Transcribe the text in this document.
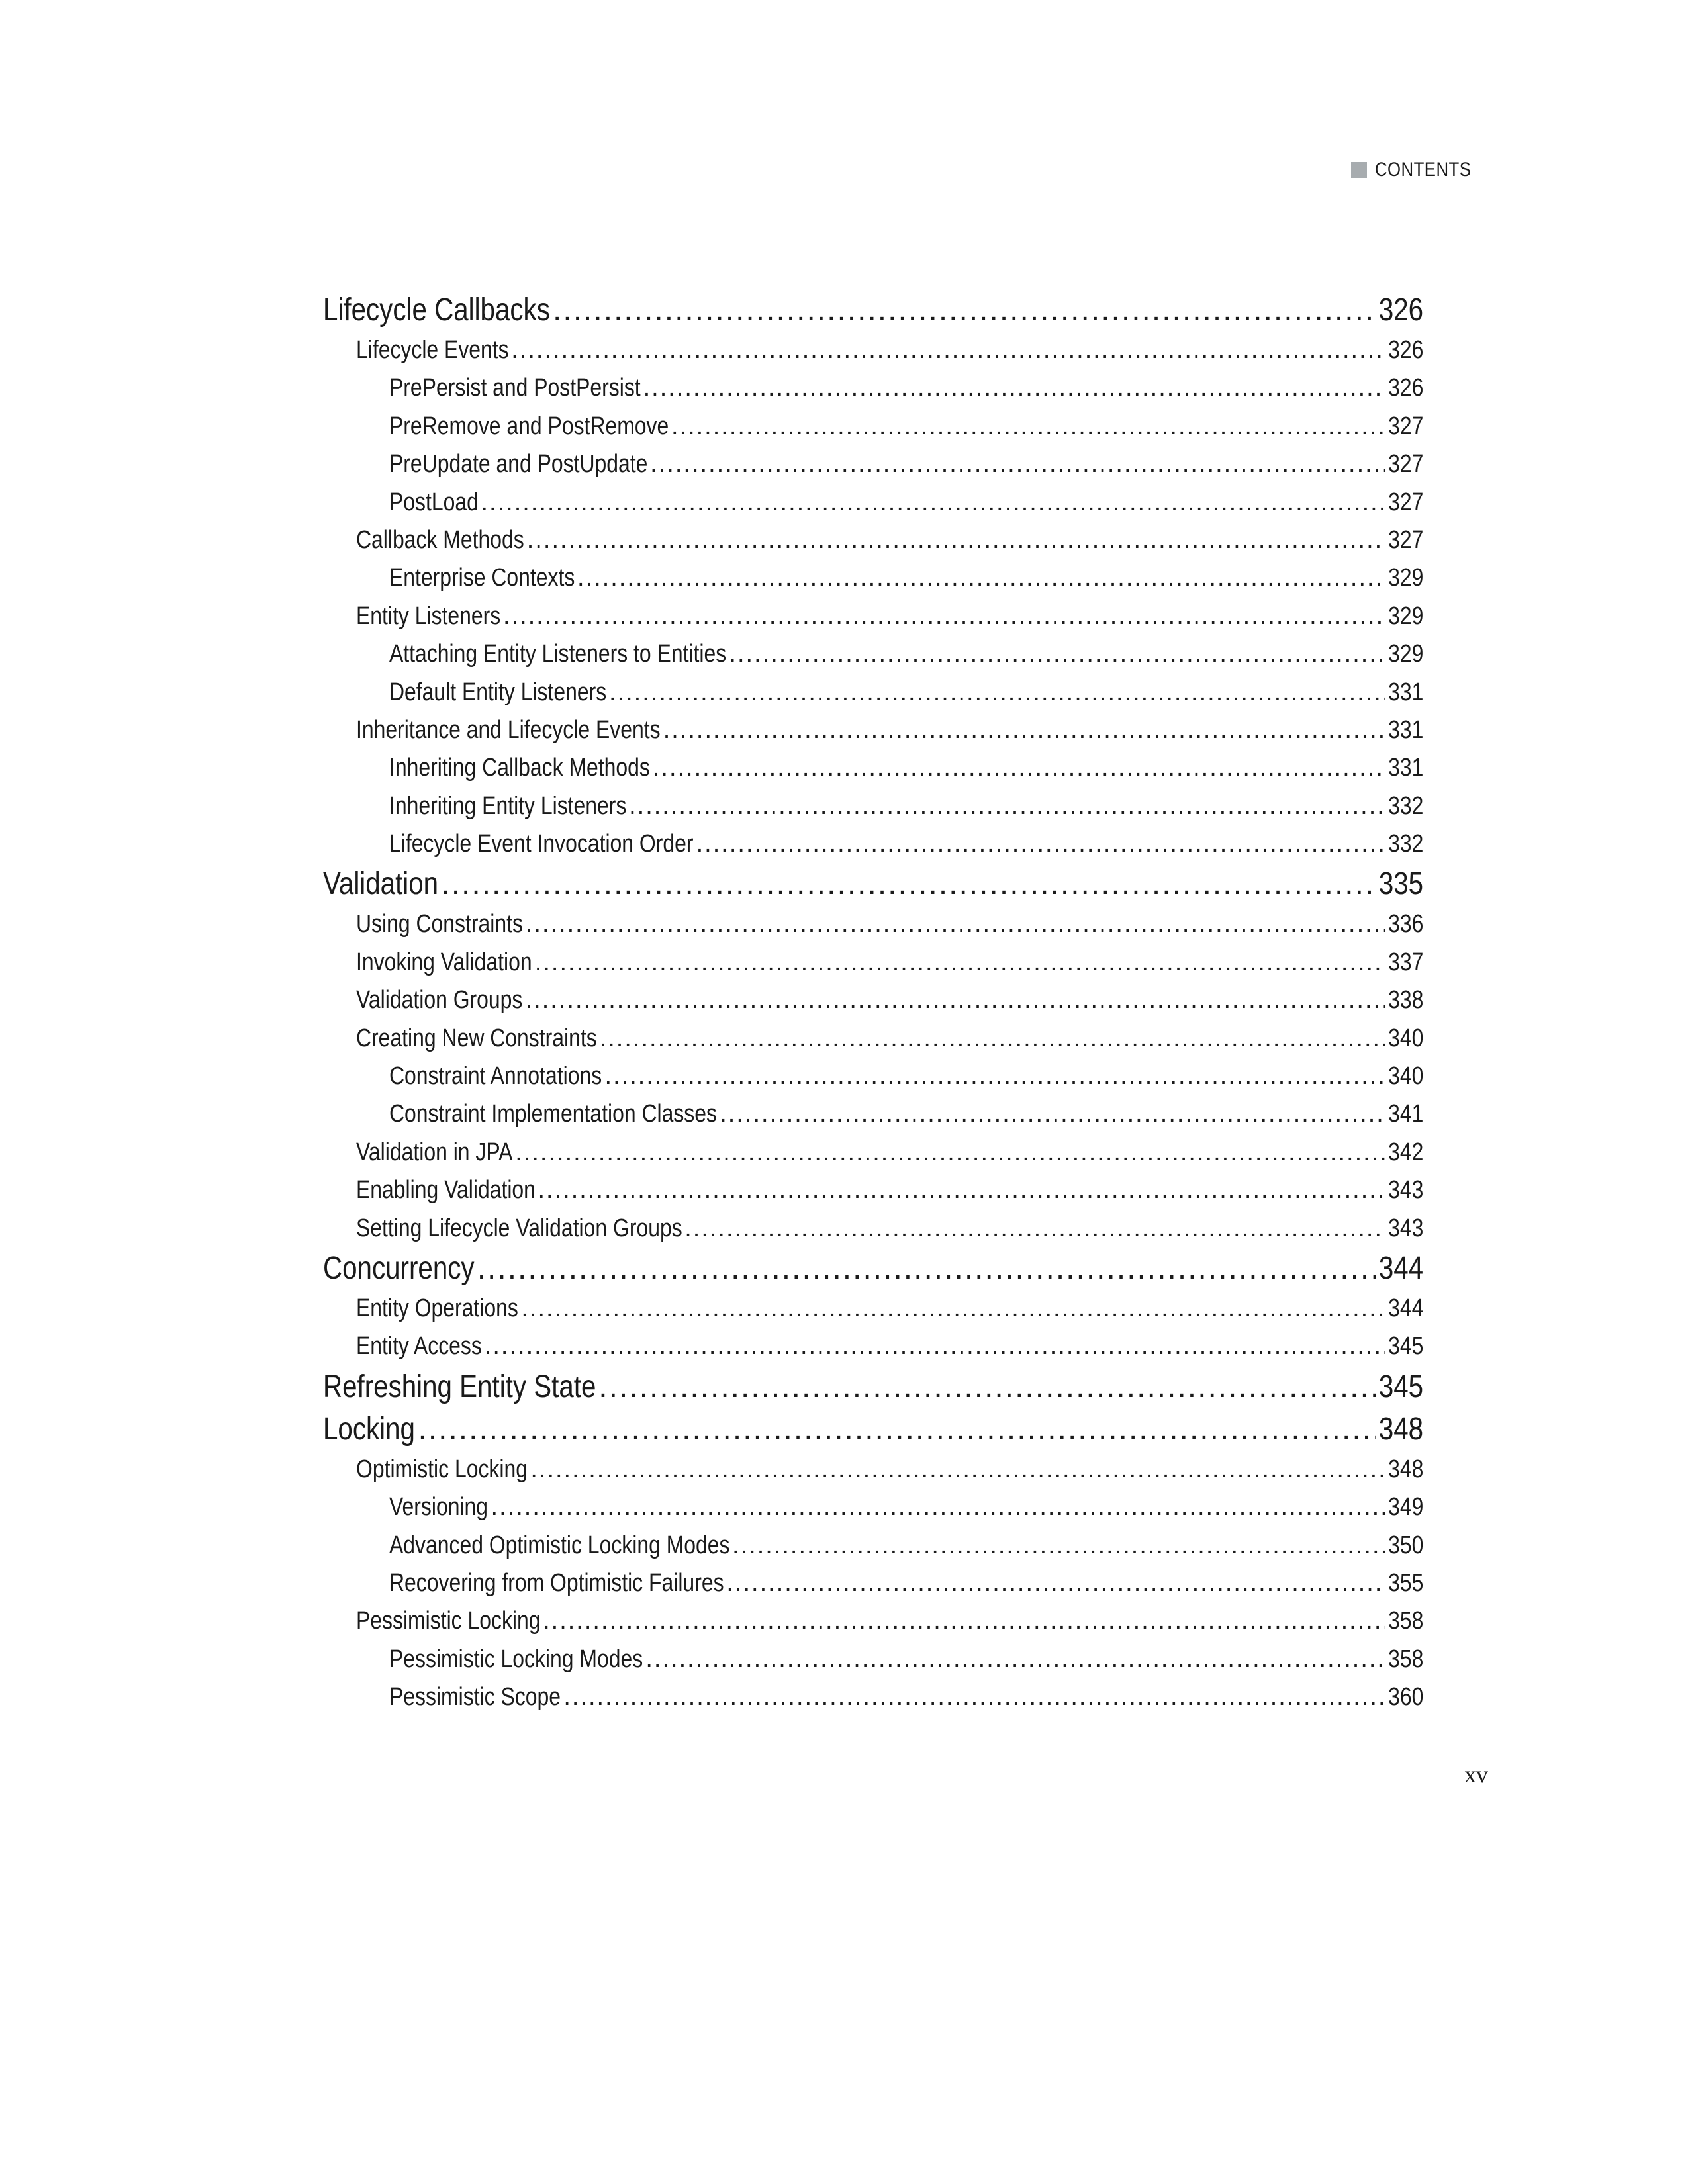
CONTENTS
Lifecycle Callbacks .....	326
Lifecycle Events .....	326
PrePersist and PostPersist .....	326
PreRemove and PostRemove .....	327
PreUpdate and PostUpdate .....	327
PostLoad .....	327
Callback Methods .....	327
Enterprise Contexts .....	329
Entity Listeners .....	329
Attaching Entity Listeners to Entities .....	329
Default Entity Listeners .....	331
Inheritance and Lifecycle Events .....	331
Inheriting Callback Methods .....	331
Inheriting Entity Listeners .....	332
Lifecycle Event Invocation Order .....	332
Validation .....	335
Using Constraints .....	336
Invoking Validation .....	337
Validation Groups .....	338
Creating New Constraints .....	340
Constraint Annotations .....	340
Constraint Implementation Classes .....	341
Validation in JPA .....	342
Enabling Validation .....	343
Setting Lifecycle Validation Groups .....	343
Concurrency .....	344
Entity Operations .....	344
Entity Access .....	345
Refreshing Entity State .....	345
Locking .....	348
Optimistic Locking .....	348
Versioning .....	349
Advanced Optimistic Locking Modes .....	350
Recovering from Optimistic Failures .....	355
Pessimistic Locking .....	358
Pessimistic Locking Modes .....	358
Pessimistic Scope .....	360
xv
